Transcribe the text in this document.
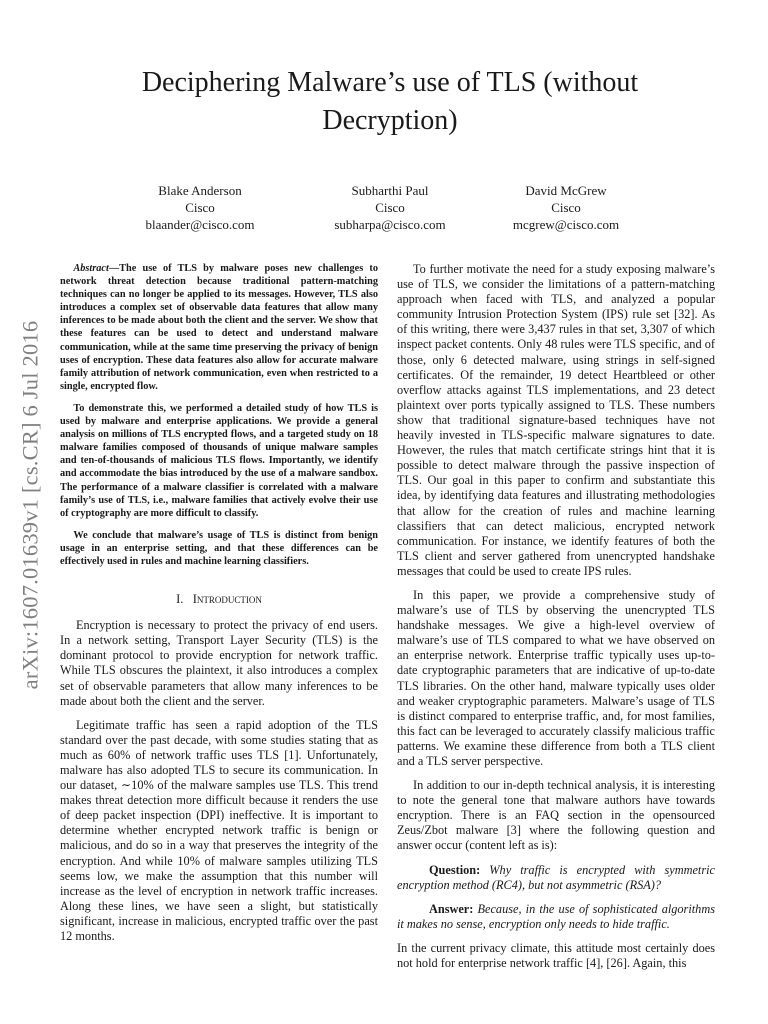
arXiv:1607.01639v1 [cs.CR] 6 Jul 2016
Deciphering Malware’s use of TLS (without Decryption)
Blake Anderson
Cisco
blaander@cisco.com
Subharthi Paul
Cisco
subharpa@cisco.com
David McGrew
Cisco
mcgrew@cisco.com

Abstract—The use of TLS by malware poses new challenges to network threat detection because traditional pattern-matching techniques can no longer be applied to its messages. However, TLS also introduces a complex set of observable data features that allow many inferences to be made about both the client and the server. We show that these features can be used to detect and understand malware communication, while at the same time preserving the privacy of benign uses of encryption. These data features also allow for accurate malware family attribution of network communication, even when restricted to a single, encrypted flow.

To demonstrate this, we performed a detailed study of how TLS is used by malware and enterprise applications. We provide a general analysis on millions of TLS encrypted flows, and a targeted study on 18 malware families composed of thousands of unique malware samples and ten-of-thousands of malicious TLS flows. Importantly, we identify and accommodate the bias introduced by the use of a malware sandbox. The performance of a malware classifier is correlated with a malware family’s use of TLS, i.e., malware families that actively evolve their use of cryptography are more difficult to classify.

We conclude that malware’s usage of TLS is distinct from benign usage in an enterprise setting, and that these differences can be effectively used in rules and machine learning classifiers.

I. Introduction

Encryption is necessary to protect the privacy of end users. In a network setting, Transport Layer Security (TLS) is the dominant protocol to provide encryption for network traffic. While TLS obscures the plaintext, it also introduces a complex set of observable parameters that allow many inferences to be made about both the client and the server.

Legitimate traffic has seen a rapid adoption of the TLS standard over the past decade, with some studies stating that as much as 60% of network traffic uses TLS [1]. Unfortunately, malware has also adopted TLS to secure its communication. In our dataset, ∼10% of the malware samples use TLS. This trend makes threat detection more difficult because it renders the use of deep packet inspection (DPI) ineffective. It is important to determine whether encrypted network traffic is benign or malicious, and do so in a way that preserves the integrity of the encryption. And while 10% of malware samples utilizing TLS seems low, we make the assumption that this number will increase as the level of encryption in network traffic increases. Along these lines, we have seen a slight, but statistically significant, increase in malicious, encrypted traffic over the past 12 months.

To further motivate the need for a study exposing malware’s use of TLS, we consider the limitations of a pattern-matching approach when faced with TLS, and analyzed a popular community Intrusion Protection System (IPS) rule set [32]. As of this writing, there were 3,437 rules in that set, 3,307 of which inspect packet contents. Only 48 rules were TLS specific, and of those, only 6 detected malware, using strings in self-signed certificates. Of the remainder, 19 detect Heartbleed or other overflow attacks against TLS implementations, and 23 detect plaintext over ports typically assigned to TLS. These numbers show that traditional signature-based techniques have not heavily invested in TLS-specific malware signatures to date. However, the rules that match certificate strings hint that it is possible to detect malware through the passive inspection of TLS. Our goal in this paper to confirm and substantiate this idea, by identifying data features and illustrating methodologies that allow for the creation of rules and machine learning classifiers that can detect malicious, encrypted network communication. For instance, we identify features of both the TLS client and server gathered from unencrypted handshake messages that could be used to create IPS rules.

In this paper, we provide a comprehensive study of malware’s use of TLS by observing the unencrypted TLS handshake messages. We give a high-level overview of malware’s use of TLS compared to what we have observed on an enterprise network. Enterprise traffic typically uses up-to-date cryptographic parameters that are indicative of up-to-date TLS libraries. On the other hand, malware typically uses older and weaker cryptographic parameters. Malware’s usage of TLS is distinct compared to enterprise traffic, and, for most families, this fact can be leveraged to accurately classify malicious traffic patterns. We examine these difference from both a TLS client and a TLS server perspective.

In addition to our in-depth technical analysis, it is interesting to note the general tone that malware authors have towards encryption. There is an FAQ section in the opensourced Zeus/Zbot malware [3] where the following question and answer occur (content left as is):

Question: Why traffic is encrypted with symmetric encryption method (RC4), but not asymmetric (RSA)?

Answer: Because, in the use of sophisticated algorithms it makes no sense, encryption only needs to hide traffic.

In the current privacy climate, this attitude most certainly does not hold for enterprise network traffic [4], [26]. Again, this
